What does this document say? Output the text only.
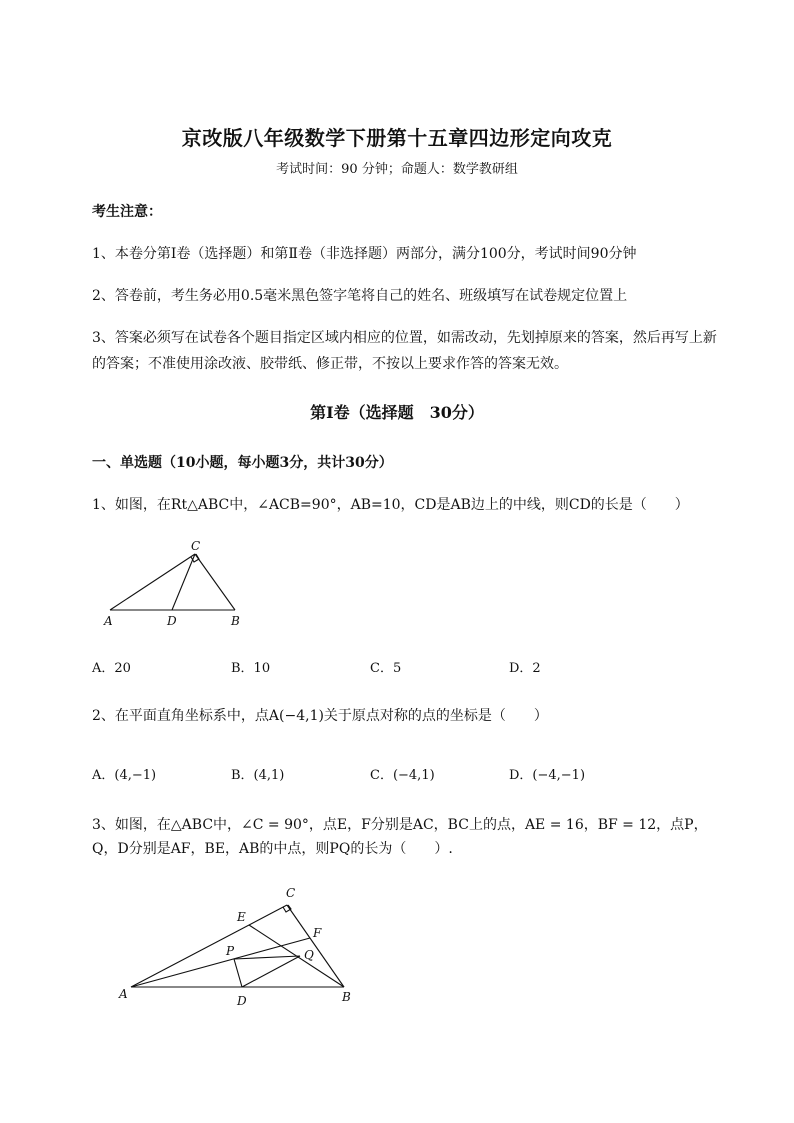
京改版八年级数学下册第十五章四边形定向攻克
考试时间：90 分钟；命题人：数学教研组
考生注意：
1、本卷分第I卷（选择题）和第Ⅱ卷（非选择题）两部分，满分100分，考试时间90分钟
2、答卷前，考生务必用0.5毫米黑色签字笔将自己的姓名、班级填写在试卷规定位置上
3、答案必须写在试卷各个题目指定区域内相应的位置，如需改动，先划掉原来的答案，然后再写上新
的答案；不准使用涂改液、胶带纸、修正带，不按以上要求作答的答案无效。
第I卷（选择题　30分）
一、单选题（10小题，每小题3分，共计30分）
1、如图，在Rt△ABC中，∠ACB=90°，AB=10，CD是AB边上的中线，则CD的长是（　　）
C
A	D	B
A．20	B．10	C．5	D．2
2、在平面直角坐标系中，点A(−4,1)关于原点对称的点的坐标是（　　）
A．(4,−1)	B．(4,1)	C．(−4,1)	D．(−4,−1)
3、如图，在△ABC中，∠C = 90°，点E，F分别是AC，BC上的点，AE = 16，BF = 12，点P，
Q，D分别是AF，BE，AB的中点，则PQ的长为（　　）.
C
E
F
P	Q
A	D	B
